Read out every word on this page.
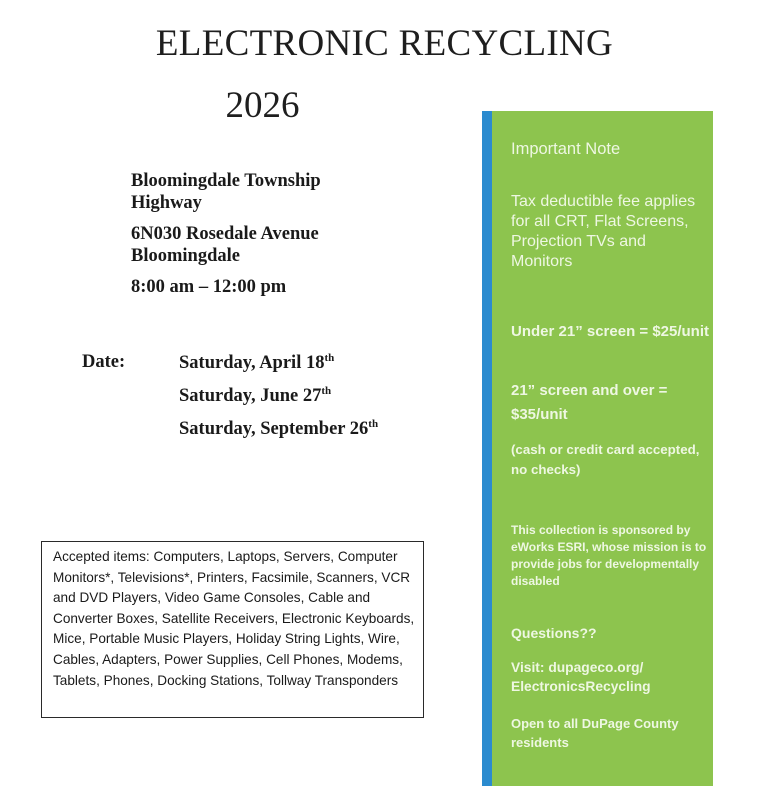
ELECTRONIC RECYCLING
2026
Bloomingdale Township
Highway
6N030 Rosedale Avenue
Bloomingdale
8:00 am – 12:00 pm
Date:	Saturday, April 18th
Saturday, June 27th
Saturday, September 26th
Accepted items: Computers, Laptops, Servers, Computer Monitors*, Televisions*, Printers, Facsimile, Scanners, VCR and DVD Players, Video Game Consoles, Cable and Converter Boxes, Satellite Receivers, Electronic Keyboards, Mice, Portable Music Players, Holiday String Lights, Wire, Cables, Adapters, Power Supplies, Cell Phones, Modems, Tablets, Phones, Docking Stations, Tollway Transponders
Important Note
Tax deductible fee applies for all CRT, Flat Screens, Projection TVs and Monitors
Under 21” screen = $25/unit
21” screen and over = $35/unit
(cash or credit card accepted, no checks)
This collection is sponsored by eWorks ESRI, whose mission is to provide jobs for developmentally disabled
Questions??
Visit: dupageco.org/ ElectronicsRecycling
Open to all DuPage County residents
